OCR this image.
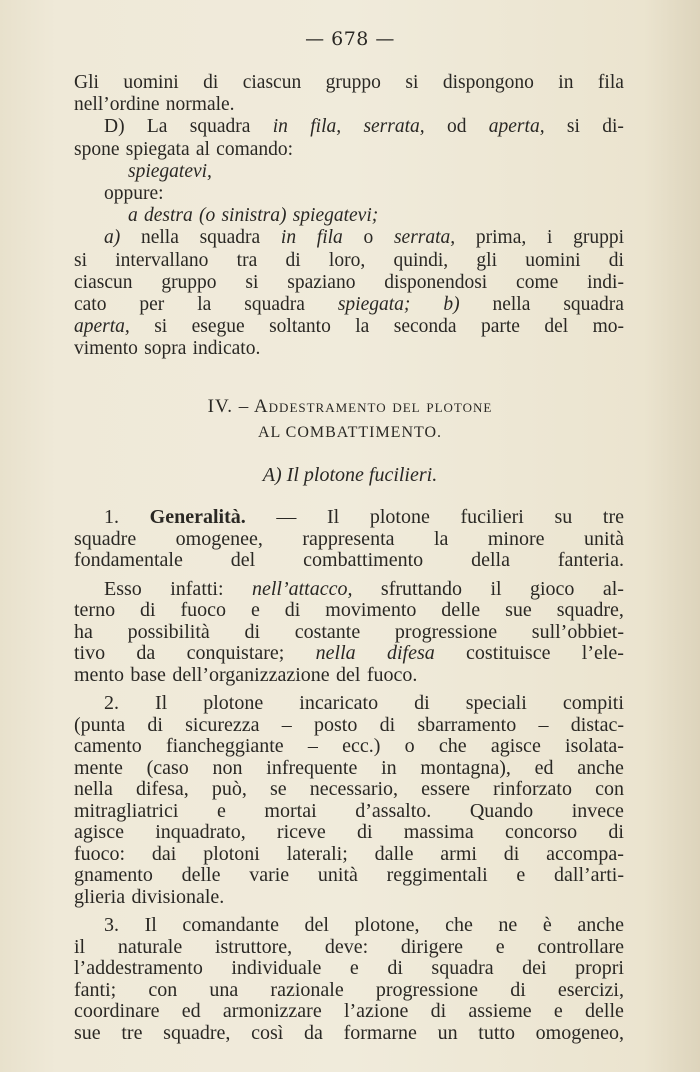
— 678 —
Gli uomini di ciascun gruppo si dispongono in fila
nell’ordine normale.
D) La squadra in fila, serrata, od aperta, si di-
spone spiegata al comando:
spiegatevi,
oppure:
a destra (o sinistra) spiegatevi;
a) nella squadra in fila o serrata, prima, i gruppi
si intervallano tra di loro, quindi, gli uomini di
ciascun gruppo si spaziano disponendosi come indi-
cato per la squadra spiegata; b) nella squadra
aperta, si esegue soltanto la seconda parte del mo-
vimento sopra indicato.
IV. – Addestramento del plotone
AL COMBATTIMENTO.
A) Il plotone fucilieri.
1. Generalità. — Il plotone fucilieri su tre
squadre omogenee, rappresenta la minore unità
fondamentale del combattimento della fanteria.
Esso infatti: nell’attacco, sfruttando il gioco al-
terno di fuoco e di movimento delle sue squadre,
ha possibilità di costante progressione sull’obbiet-
tivo da conquistare; nella difesa costituisce l’ele-
mento base dell’organizzazione del fuoco.
2. Il plotone incaricato di speciali compiti
(punta di sicurezza – posto di sbarramento – distac-
camento fiancheggiante – ecc.) o che agisce isolata-
mente (caso non infrequente in montagna), ed anche
nella difesa, può, se necessario, essere rinforzato con
mitragliatrici e mortai d’assalto. Quando invece
agisce inquadrato, riceve di massima concorso di
fuoco: dai plotoni laterali; dalle armi di accompa-
gnamento delle varie unità reggimentali e dall’arti-
glieria divisionale.
3. Il comandante del plotone, che ne è anche
il naturale istruttore, deve: dirigere e controllare
l’addestramento individuale e di squadra dei propri
fanti; con una razionale progressione di esercizi,
coordinare ed armonizzare l’azione di assieme e delle
sue tre squadre, così da formarne un tutto omogeneo,
